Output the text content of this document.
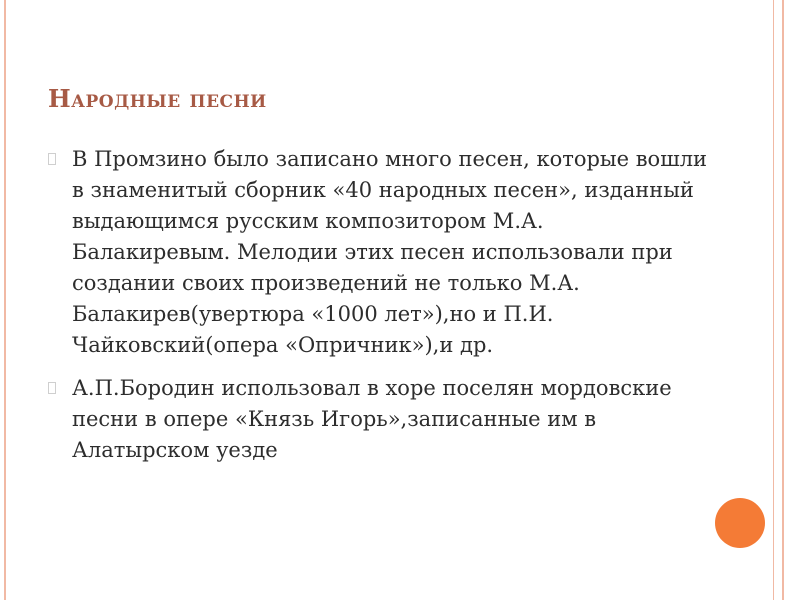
Народные песни
В Промзино было записано много песен, которые вошли в знаменитый сборник «40 народных песен», изданный выдающимся русским композитором М.А. Балакиревым. Мелодии этих песен использовали при создании своих произведений не только М.А. Балакирев(увертюра «1000 лет»),но и П.И. Чайковский(опера «Опричник»),и др.
А.П.Бородин использовал в хоре поселян мордовские песни в опере «Князь Игорь»,записанные им в Алатырском уезде
